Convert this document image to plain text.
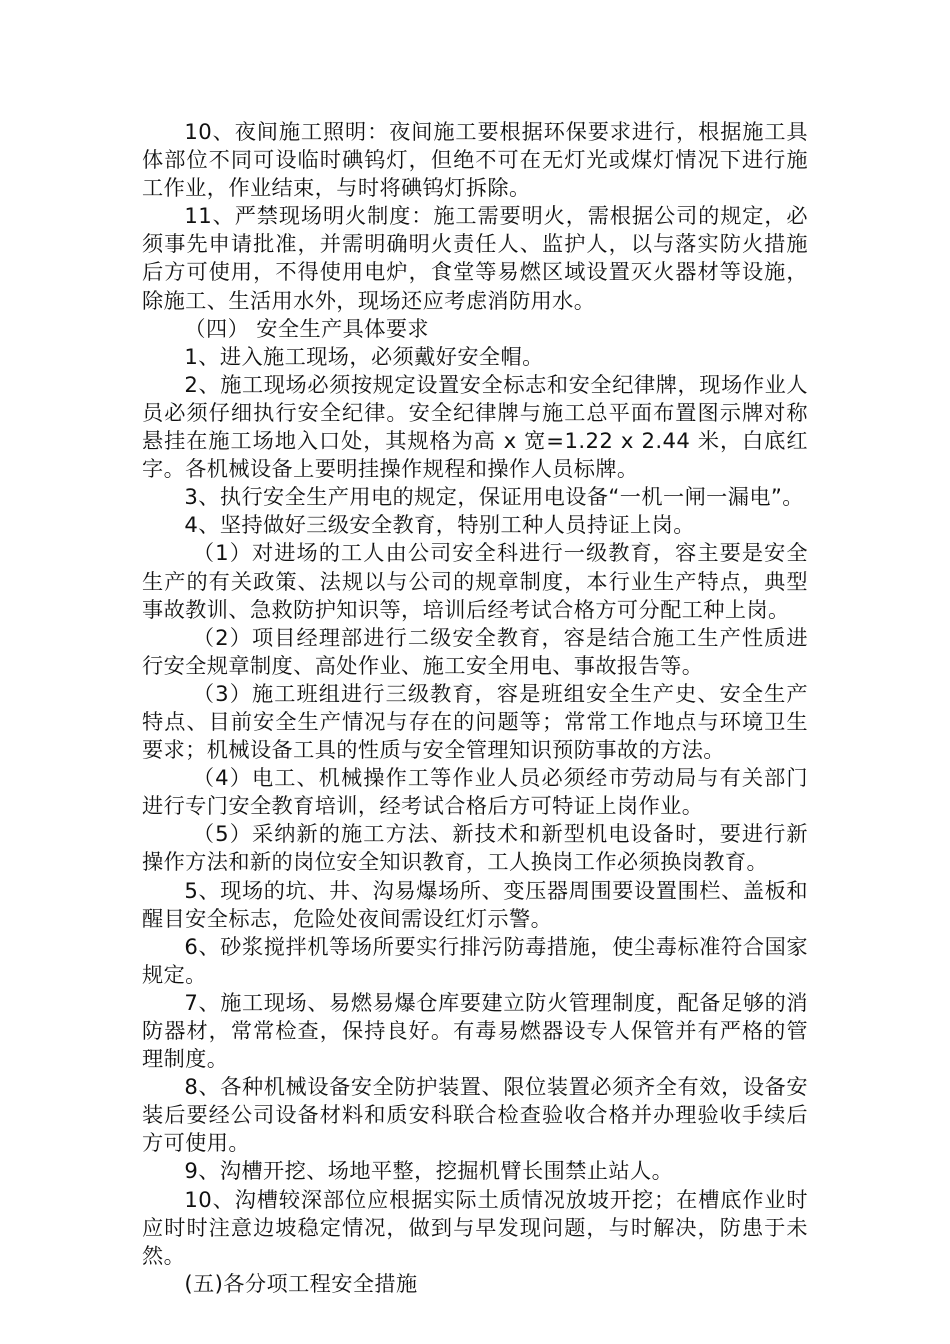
10、夜间施工照明：夜间施工要根据环保要求进行，根据施工具体部位不同可设临时碘钨灯，但绝不可在无灯光或煤灯情况下进行施工作业，作业结束，与时将碘钨灯拆除。

11、严禁现场明火制度：施工需要明火，需根据公司的规定，必须事先申请批准，并需明确明火责任人、监护人，以与落实防火措施后方可使用，不得使用电炉，食堂等易燃区域设置灭火器材等设施，除施工、生活用水外，现场还应考虑消防用水。

（四） 安全生产具体要求

1、进入施工现场，必须戴好安全帽。

2、施工现场必须按规定设置安全标志和安全纪律牌，现场作业人员必须仔细执行安全纪律。安全纪律牌与施工总平面布置图示牌对称悬挂在施工场地入口处，其规格为高 x 宽=1.22 x 2.44 米，白底红字。各机械设备上要明挂操作规程和操作人员标牌。

3、执行安全生产用电的规定，保证用电设备“一机一闸一漏电”。

4、坚持做好三级安全教育，特别工种人员持证上岗。

（1）对进场的工人由公司安全科进行一级教育，容主要是安全生产的有关政策、法规以与公司的规章制度，本行业生产特点，典型事故教训、急救防护知识等，培训后经考试合格方可分配工种上岗。

（2）项目经理部进行二级安全教育，容是结合施工生产性质进行安全规章制度、高处作业、施工安全用电、事故报告等。

（3）施工班组进行三级教育，容是班组安全生产史、安全生产特点、目前安全生产情况与存在的问题等；常常工作地点与环境卫生要求；机械设备工具的性质与安全管理知识预防事故的方法。

（4）电工、机械操作工等作业人员必须经市劳动局与有关部门进行专门安全教育培训，经考试合格后方可特证上岗作业。

（5）采纳新的施工方法、新技术和新型机电设备时，要进行新操作方法和新的岗位安全知识教育，工人换岗工作必须换岗教育。

5、现场的坑、井、沟易爆场所、变压器周围要设置围栏、盖板和醒目安全标志，危险处夜间需设红灯示警。

6、砂浆搅拌机等场所要实行排污防毒措施，使尘毒标准符合国家规定。

7、施工现场、易燃易爆仓库要建立防火管理制度，配备足够的消防器材，常常检查，保持良好。有毒易燃器设专人保管并有严格的管理制度。

8、各种机械设备安全防护装置、限位装置必须齐全有效，设备安装后要经公司设备材料和质安科联合检查验收合格并办理验收手续后方可使用。

9、沟槽开挖、场地平整，挖掘机臂长围禁止站人。

10、沟槽较深部位应根据实际土质情况放坡开挖；在槽底作业时应时时注意边坡稳定情况，做到与早发现问题，与时解决，防患于未然。

(五)各分项工程安全措施
